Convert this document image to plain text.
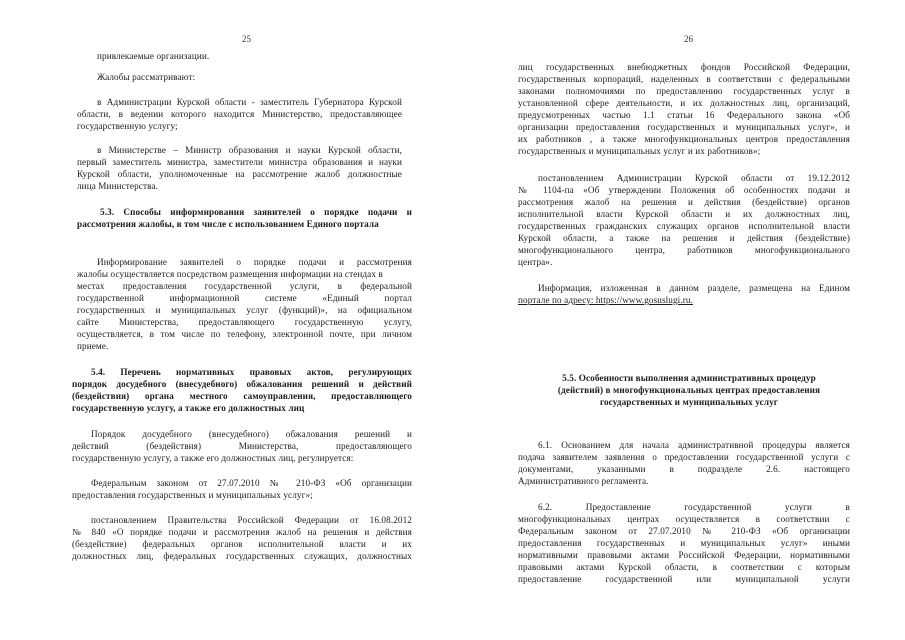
25
привлекаемые организации.
Жалобы рассматривают:
в Администрации Курской области - заместитель Губернатора Курской
области, в ведении которого находится Министерство, предоставляющее
государственную услугу;
в Министерстве – Министр образования и науки Курской области,
первый заместитель министра, заместители министра образования и науки
Курской области, уполномоченные на рассмотрение жалоб должностные
лица Министерства.
5.3. Способы информирования заявителей о порядке подачи и
рассмотрения жалобы, в том числе с использованием Единого портала
Информирование заявителей о порядке подачи и рассмотрения
жалобы осуществляется посредством размещения информации на стендах в
местах предоставления государственной услуги, в федеральной
государственной информационной системе «Единый портал
государственных и муниципальных услуг (функций)», на официальном
сайте Министерства, предоставляющего государственную услугу,
осуществляется, в том числе по телефону, электронной почте, при личном
приеме.
5.4. Перечень нормативных правовых актов, регулирующих
порядок досудебного (внесудебного) обжалования решений и действий
(бездействия) органа местного самоуправления, предоставляющего
государственную услугу, а также его должностных лиц
Порядок досудебного (внесудебного) обжалования решений и
действий (бездействия) Министерства, предоставляющего
государственную услугу, а также его должностных лиц, регулируется:
Федеральным законом от 27.07.2010 № 210-ФЗ «Об организации
предоставления государственных и муниципальных услуг»;
постановлением Правительства Российской Федерации от 16.08.2012
№ 840 «О порядке подачи и рассмотрения жалоб на решения и действия
(бездействие) федеральных органов исполнительной власти и их
должностных лиц, федеральных государственных служащих, должностных
26
лиц государственных внебюджетных фондов Российской Федерации,
государственных корпораций, наделенных в соответствии с федеральными
законами полномочиями по предоставлению государственных услуг в
установленной сфере деятельности, и их должностных лиц, организаций,
предусмотренных частью 1.1 статьи 16 Федерального закона «Об
организации предоставления государственных и муниципальных услуг», и
их работников , а также многофункциональных центров предоставления
государственных и муниципальных услуг и их работников»;
постановлением Администрации Курской области от 19.12.2012
№ 1104-па «Об утверждении Положения об особенностях подачи и
рассмотрения жалоб на решения и действия (бездействие) органов
исполнительной власти Курской области и их должностных лиц,
государственных гражданских служащих органов исполнительной власти
Курской области, а также на решения и действия (бездействие)
многофункционального центра, работников многофункционального
центра».
Информация, изложенная в данном разделе, размещена на Едином
портале по адресу: https://www.gosuslugi.ru.
5.5. Особенности выполнения административных процедур
(действий) в многофункциональных центрах предоставления
государственных и муниципальных услуг
6.1. Основанием для начала административной процедуры является
подача заявителем заявления о предоставлении государственной услуги с
документами, указанными в подразделе 2.6. настоящего
Административного регламента.
6.2. Предоставление государственной услуги в
многофункциональных центрах осуществляется в соответствии с
Федеральным законом от 27.07.2010 № 210-ФЗ «Об организации
предоставления государственных и муниципальных услуг» иными
нормативными правовыми актами Российской Федерации, нормативными
правовыми актами Курской области, в соответствии с которым
предоставление государственной или муниципальной услуги
